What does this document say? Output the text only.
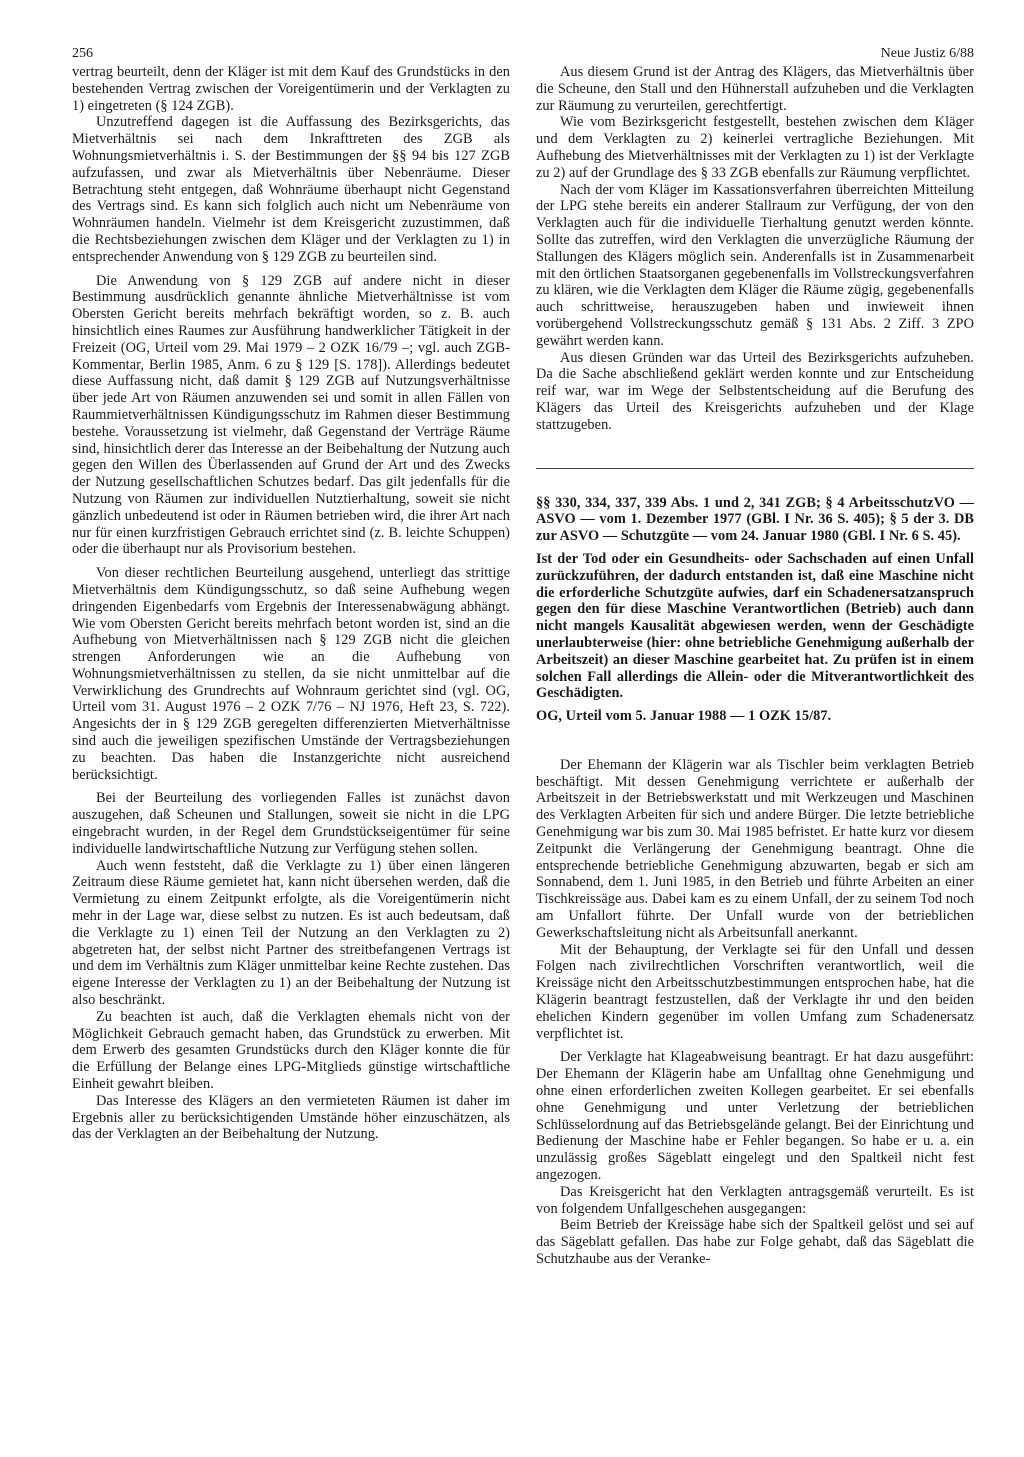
256	Neue Justiz 6/88

vertrag beurteilt, denn der Kläger ist mit dem Kauf des Grundstücks in den bestehenden Vertrag zwischen der Voreigentümerin und der Verklagten zu 1) eingetreten (§ 124 ZGB).

Unzutreffend dagegen ist die Auffassung des Bezirksgerichts, das Mietverhältnis sei nach dem Inkrafttreten des ZGB als Wohnungsmietverhältnis i. S. der Bestimmungen der §§ 94 bis 127 ZGB aufzufassen, und zwar als Mietverhältnis über Nebenräume. Dieser Betrachtung steht entgegen, daß Wohnräume überhaupt nicht Gegenstand des Vertrags sind. Es kann sich folglich auch nicht um Nebenräume von Wohnräumen handeln. Vielmehr ist dem Kreisgericht zuzustimmen, daß die Rechtsbeziehungen zwischen dem Kläger und der Verklagten zu 1) in entsprechender Anwendung von § 129 ZGB zu beurteilen sind.

Die Anwendung von § 129 ZGB auf andere nicht in dieser Bestimmung ausdrücklich genannte ähnliche Mietverhältnisse ist vom Obersten Gericht bereits mehrfach bekräftigt worden, so z. B. auch hinsichtlich eines Raumes zur Ausführung handwerklicher Tätigkeit in der Freizeit (OG, Urteil vom 29. Mai 1979 – 2 OZK 16/79 –; vgl. auch ZGB-Kommentar, Berlin 1985, Anm. 6 zu § 129 [S. 178]). Allerdings bedeutet diese Auffassung nicht, daß damit § 129 ZGB auf Nutzungsverhältnisse über jede Art von Räumen anzuwenden sei und somit in allen Fällen von Raummietverhältnissen Kündigungsschutz im Rahmen dieser Bestimmung bestehe. Voraussetzung ist vielmehr, daß Gegenstand der Verträge Räume sind, hinsichtlich derer das Interesse an der Beibehaltung der Nutzung auch gegen den Willen des Überlassenden auf Grund der Art und des Zwecks der Nutzung gesellschaftlichen Schutzes bedarf. Das gilt jedenfalls für die Nutzung von Räumen zur individuellen Nutztierhaltung, soweit sie nicht gänzlich unbedeutend ist oder in Räumen betrieben wird, die ihrer Art nach nur für einen kurzfristigen Gebrauch errichtet sind (z. B. leichte Schuppen) oder die überhaupt nur als Provisorium bestehen.

Von dieser rechtlichen Beurteilung ausgehend, unterliegt das strittige Mietverhältnis dem Kündigungsschutz, so daß seine Aufhebung wegen dringenden Eigenbedarfs vom Ergebnis der Interessenabwägung abhängt. Wie vom Obersten Gericht bereits mehrfach betont worden ist, sind an die Aufhebung von Mietverhältnissen nach § 129 ZGB nicht die gleichen strengen Anforderungen wie an die Aufhebung von Wohnungsmietverhältnissen zu stellen, da sie nicht unmittelbar auf die Verwirklichung des Grundrechts auf Wohnraum gerichtet sind (vgl. OG, Urteil vom 31. August 1976 – 2 OZK 7/76 – NJ 1976, Heft 23, S. 722). Angesichts der in § 129 ZGB geregelten differenzierten Mietverhältnisse sind auch die jeweiligen spezifischen Umstände der Vertragsbeziehungen zu beachten. Das haben die Instanzgerichte nicht ausreichend berücksichtigt.

Bei der Beurteilung des vorliegenden Falles ist zunächst davon auszugehen, daß Scheunen und Stallungen, soweit sie nicht in die LPG eingebracht wurden, in der Regel dem Grundstückseigentümer für seine individuelle landwirtschaftliche Nutzung zur Verfügung stehen sollen.

Auch wenn feststeht, daß die Verklagte zu 1) über einen längeren Zeitraum diese Räume gemietet hat, kann nicht übersehen werden, daß die Vermietung zu einem Zeitpunkt erfolgte, als die Voreigentümerin nicht mehr in der Lage war, diese selbst zu nutzen. Es ist auch bedeutsam, daß die Verklagte zu 1) einen Teil der Nutzung an den Verklagten zu 2) abgetreten hat, der selbst nicht Partner des streitbefangenen Vertrags ist und dem im Verhältnis zum Kläger unmittelbar keine Rechte zustehen. Das eigene Interesse der Verklagten zu 1) an der Beibehaltung der Nutzung ist also beschränkt.

Zu beachten ist auch, daß die Verklagten ehemals nicht von der Möglichkeit Gebrauch gemacht haben, das Grundstück zu erwerben. Mit dem Erwerb des gesamten Grundstücks durch den Kläger konnte die für die Erfüllung der Belange eines LPG-Mitglieds günstige wirtschaftliche Einheit gewahrt bleiben.

Das Interesse des Klägers an den vermieteten Räumen ist daher im Ergebnis aller zu berücksichtigenden Umstände höher einzuschätzen, als das der Verklagten an der Beibehaltung der Nutzung.

Aus diesem Grund ist der Antrag des Klägers, das Mietverhältnis über die Scheune, den Stall und den Hühnerstall aufzuheben und die Verklagten zur Räumung zu verurteilen, gerechtfertigt.

Wie vom Bezirksgericht festgestellt, bestehen zwischen dem Kläger und dem Verklagten zu 2) keinerlei vertragliche Beziehungen. Mit Aufhebung des Mietverhältnisses mit der Verklagten zu 1) ist der Verklagte zu 2) auf der Grundlage des § 33 ZGB ebenfalls zur Räumung verpflichtet.

Nach der vom Kläger im Kassationsverfahren überreichten Mitteilung der LPG stehe bereits ein anderer Stallraum zur Verfügung, der von den Verklagten auch für die individuelle Tierhaltung genutzt werden könnte. Sollte das zutreffen, wird den Verklagten die unverzügliche Räumung der Stallungen des Klägers möglich sein. Anderenfalls ist in Zusammenarbeit mit den örtlichen Staatsorganen gegebenenfalls im Vollstreckungsverfahren zu klären, wie die Verklagten dem Kläger die Räume zügig, gegebenenfalls auch schrittweise, herauszugeben haben und inwieweit ihnen vorübergehend Vollstreckungsschutz gemäß § 131 Abs. 2 Ziff. 3 ZPO gewährt werden kann.

Aus diesen Gründen war das Urteil des Bezirksgerichts aufzuheben. Da die Sache abschließend geklärt werden konnte und zur Entscheidung reif war, war im Wege der Selbstentscheidung auf die Berufung des Klägers das Urteil des Kreisgerichts aufzuheben und der Klage stattzugeben.

§§ 330, 334, 337, 339 Abs. 1 und 2, 341 ZGB; § 4 ArbeitsschutzVO — ASVO — vom 1. Dezember 1977 (GBl. I Nr. 36 S. 405); § 5 der 3. DB zur ASVO — Schutzgüte — vom 24. Januar 1980 (GBl. I Nr. 6 S. 45).

Ist der Tod oder ein Gesundheits- oder Sachschaden auf einen Unfall zurückzuführen, der dadurch entstanden ist, daß eine Maschine nicht die erforderliche Schutzgüte aufwies, darf ein Schadenersatzanspruch gegen den für diese Maschine Verantwortlichen (Betrieb) auch dann nicht mangels Kausalität abgewiesen werden, wenn der Geschädigte unerlaubterweise (hier: ohne betriebliche Genehmigung außerhalb der Arbeitszeit) an dieser Maschine gearbeitet hat. Zu prüfen ist in einem solchen Fall allerdings die Allein- oder die Mitverantwortlichkeit des Geschädigten.

OG, Urteil vom 5. Januar 1988 — 1 OZK 15/87.

Der Ehemann der Klägerin war als Tischler beim verklagten Betrieb beschäftigt. Mit dessen Genehmigung verrichtete er außerhalb der Arbeitszeit in der Betriebswerkstatt und mit Werkzeugen und Maschinen des Verklagten Arbeiten für sich und andere Bürger. Die letzte betriebliche Genehmigung war bis zum 30. Mai 1985 befristet. Er hatte kurz vor diesem Zeitpunkt die Verlängerung der Genehmigung beantragt. Ohne die entsprechende betriebliche Genehmigung abzuwarten, begab er sich am Sonnabend, dem 1. Juni 1985, in den Betrieb und führte Arbeiten an einer Tischkreissäge aus. Dabei kam es zu einem Unfall, der zu seinem Tod noch am Unfallort führte. Der Unfall wurde von der betrieblichen Gewerkschaftsleitung nicht als Arbeitsunfall anerkannt.

Mit der Behauptung, der Verklagte sei für den Unfall und dessen Folgen nach zivilrechtlichen Vorschriften verantwortlich, weil die Kreissäge nicht den Arbeitsschutzbestimmungen entsprochen habe, hat die Klägerin beantragt festzustellen, daß der Verklagte ihr und den beiden ehelichen Kindern gegenüber im vollen Umfang zum Schadenersatz verpflichtet ist.

Der Verklagte hat Klageabweisung beantragt. Er hat dazu ausgeführt: Der Ehemann der Klägerin habe am Unfalltag ohne Genehmigung und ohne einen erforderlichen zweiten Kollegen gearbeitet. Er sei ebenfalls ohne Genehmigung und unter Verletzung der betrieblichen Schlüsselordnung auf das Betriebsgelände gelangt. Bei der Einrichtung und Bedienung der Maschine habe er Fehler begangen. So habe er u. a. ein unzulässig großes Sägeblatt eingelegt und den Spaltkeil nicht fest angezogen.

Das Kreisgericht hat den Verklagten antragsgemäß verurteilt. Es ist von folgendem Unfallgeschehen ausgegangen:

Beim Betrieb der Kreissäge habe sich der Spaltkeil gelöst und sei auf das Sägeblatt gefallen. Das habe zur Folge gehabt, daß das Sägeblatt die Schutzhaube aus der Veranke-
